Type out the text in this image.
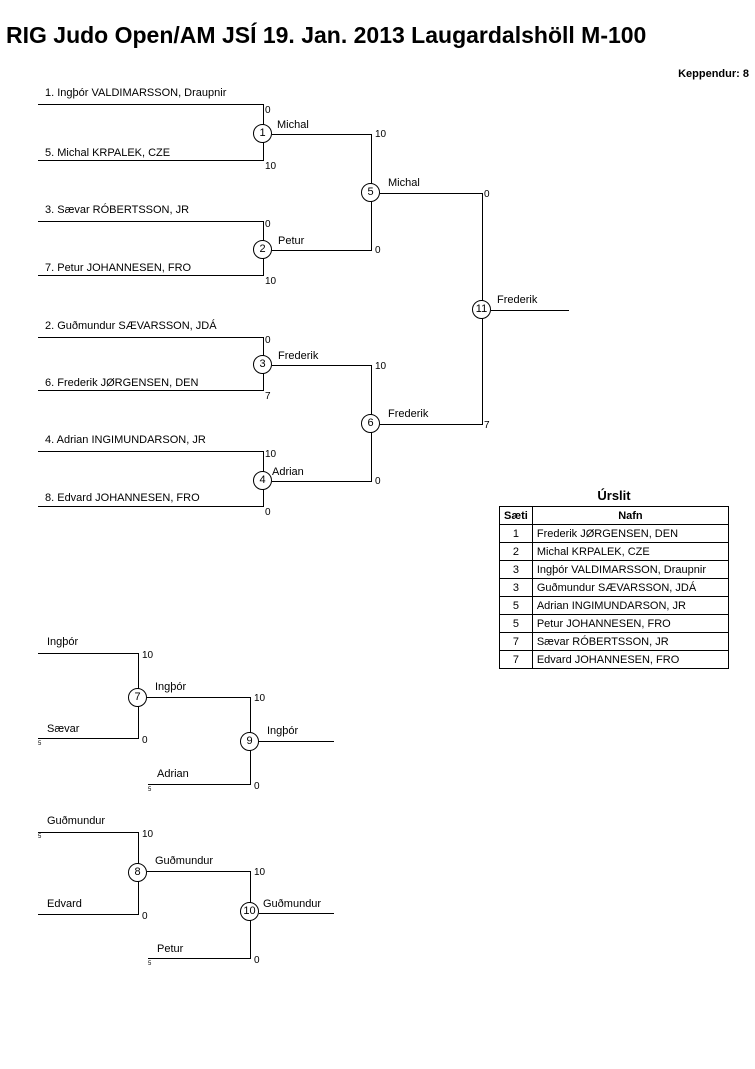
RIG Judo Open/AM JSÍ 19. Jan. 2013 Laugardalshöll M-100
Keppendur: 8
1. Ingþór VALDIMARSSON, Draupnir
0
5. Michal KRPALEK, CZE
10
1
Michal
10
3. Sævar RÓBERTSSON, JR
0
7. Petur JOHANNESEN, FRO
10
2
Petur
0
5
Michal
0
2. Guðmundur SÆVARSSON, JDÁ
0
6. Frederik JØRGENSEN, DEN
7
3
Frederik
10
4. Adrian INGIMUNDARSON, JR
10
8. Edvard JOHANNESEN, FRO
0
4
Adrian
0
6
Frederik
7
11
Frederik
Ingþór
10
Sævar
0
5
7
Ingþór
10
Adrian
0
5
9
Ingþór
Guðmundur
10
5
Edvard
0
8
Guðmundur
10
Petur
0
5
10
Guðmundur
Úrslit
Sæti	Nafn
1	Frederik JØRGENSEN, DEN
2	Michal KRPALEK, CZE
3	Ingþór VALDIMARSSON, Draupnir
3	Guðmundur SÆVARSSON, JDÁ
5	Adrian INGIMUNDARSON, JR
5	Petur JOHANNESEN, FRO
7	Sævar RÓBERTSSON, JR
7	Edvard JOHANNESEN, FRO
